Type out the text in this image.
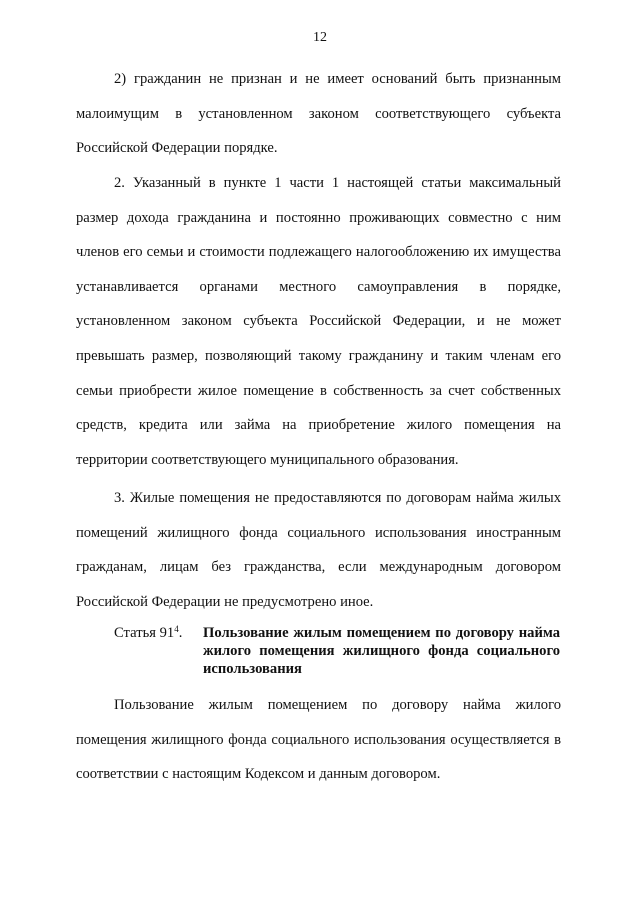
12

2) гражданин не признан и не имеет оснований быть признанным малоимущим в установленном законом соответствующего субъекта Российской Федерации порядке.

2. Указанный в пункте 1 части 1 настоящей статьи максимальный размер дохода гражданина и постоянно проживающих совместно с ним членов его семьи и стоимости подлежащего налогообложению их имущества устанавливается органами местного самоуправления в порядке, установленном законом субъекта Российской Федерации, и не может превышать размер, позволяющий такому гражданину и таким членам его семьи приобрести жилое помещение в собственность за счет собственных средств, кредита или займа на приобретение жилого помещения на территории соответствующего муниципального образования.

3. Жилые помещения не предоставляются по договорам найма жилых помещений жилищного фонда социального использования иностранным гражданам, лицам без гражданства, если международным договором Российской Федерации не предусмотрено иное.

Статья $91^4$. Пользование жилым помещением по договору найма жилого помещения жилищного фонда социального использования

Пользование жилым помещением по договору найма жилого помещения жилищного фонда социального использования осуществляется в соответствии с настоящим Кодексом и данным договором.
